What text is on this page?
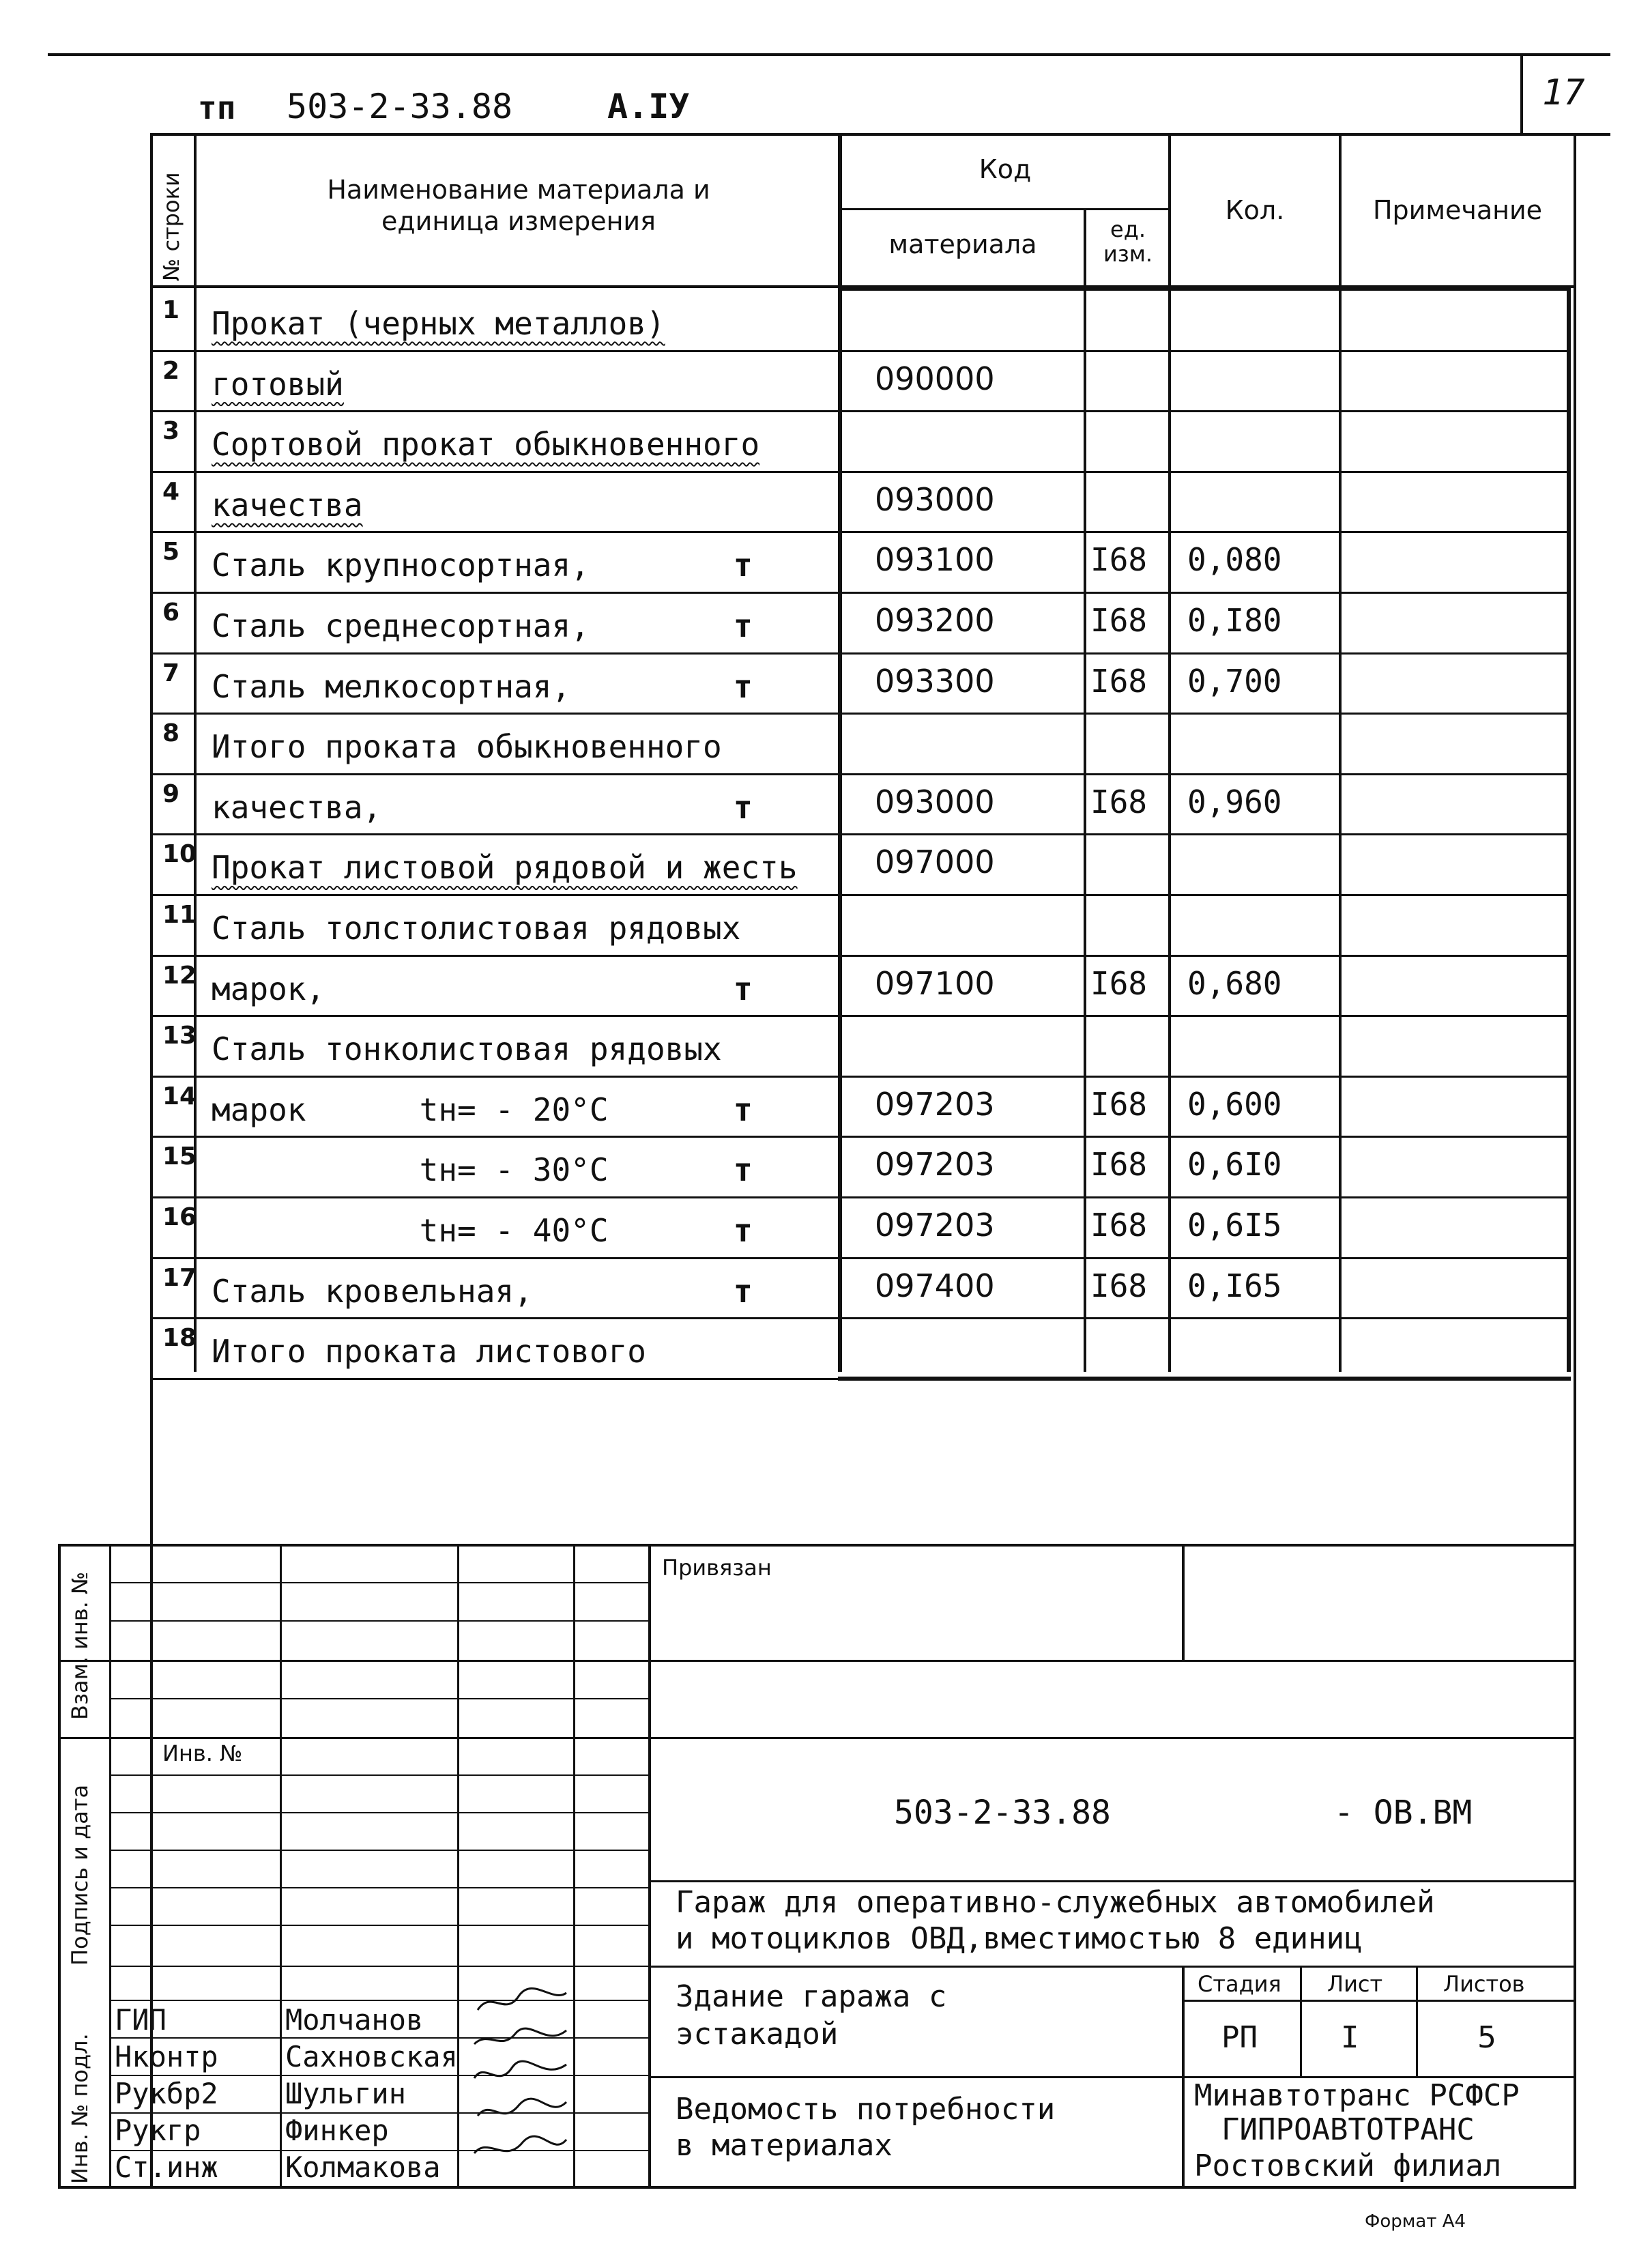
тп 503-2-33.88	А.IУ	17
№ строки	Наименование материала и единица измерения
Код
материала	ед. изм.
Кол.	Примечание
1 Прокат (черных металлов)
2 готовый	090000
3 Сортовой прокат обыкновенного
4 качества	093000
5 Сталь крупносортная,	т	093100	I68 0,080
6 Сталь среднесортная,	т	093200	I68 0,I80
7 Сталь мелкосортная,	т	093300	I68 0,700
8 Итого проката обыкновенного
9 качества,	т	093000	I68 0,960
10 Прокат листовой рядовой и жесть 097000
11 Сталь толстолистовая рядовых
12 марок,	т	097100	I68 0,680
13 Сталь тонколистовая рядовых
14 марок      tн= - 20°C	т	097203	I68 0,600
15 tн= - 30°C	т	097203	I68 0,6I0
16 tн= - 40°C	т	097203	I68 0,6I5
17 Сталь кровельная,	т	097400	I68 0,I65
18 Итого проката листового
Привязан
Инв. №
503-2-33.88	- ОВ.ВМ
Гараж для оперативно-служебных автомобилей
и мотоциклов ОВД,вместимостью 8 единиц
Здание гаража с
эстакадой
Ведомость потребности
в материалах
Стадия Лист	Листов
РП	I	5
Минавтотранс РСФСР
ГИПРОАВТОТРАНС
Ростовский филиал
Формат А4
Взам. инв. №
Подпись и дата
Инв. № подл.
ГИП	Молчанов
Нконтр Сахновская
Рукбр2 Шульгин
Рукгр	Финкер
Ст.инж Колмакова
